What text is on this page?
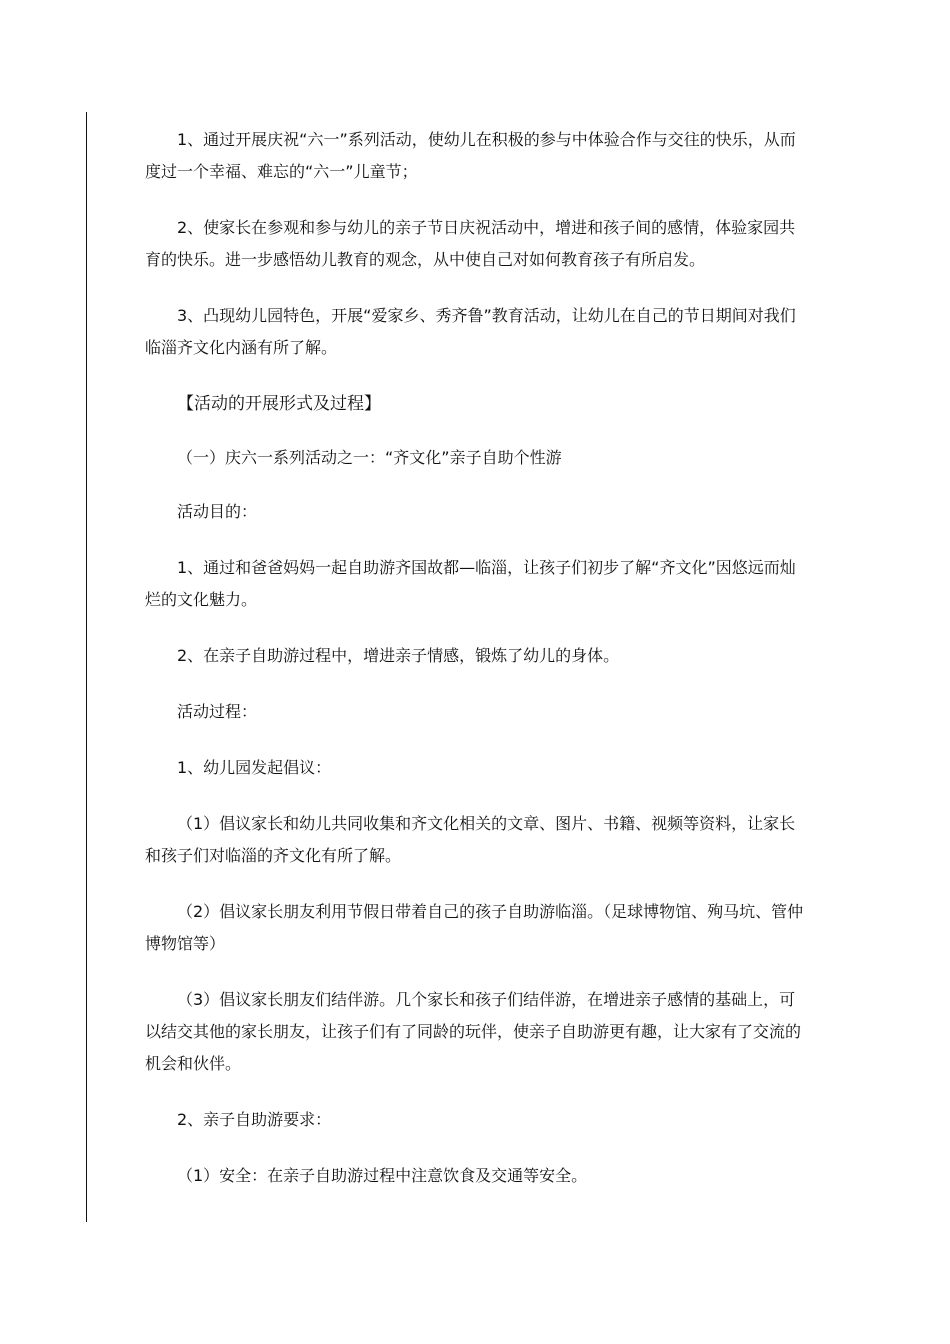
1、通过开展庆祝“六一”系列活动，使幼儿在积极的参与中体验合作与交往的快乐，从而度过一个幸福、难忘的“六一”儿童节；

2、使家长在参观和参与幼儿的亲子节日庆祝活动中，增进和孩子间的感情，体验家园共育的快乐。进一步感悟幼儿教育的观念，从中使自己对如何教育孩子有所启发。

3、凸现幼儿园特色，开展“爱家乡、秀齐鲁”教育活动，让幼儿在自己的节日期间对我们临淄齐文化内涵有所了解。

【活动的开展形式及过程】

（一）庆六一系列活动之一：“齐文化”亲子自助个性游

活动目的：

1、通过和爸爸妈妈一起自助游齐国故都—临淄，让孩子们初步了解“齐文化”因悠远而灿烂的文化魅力。

2、在亲子自助游过程中，增进亲子情感，锻炼了幼儿的身体。

活动过程：

1、幼儿园发起倡议：

（1）倡议家长和幼儿共同收集和齐文化相关的文章、图片、书籍、视频等资料，让家长和孩子们对临淄的齐文化有所了解。

（2）倡议家长朋友利用节假日带着自己的孩子自助游临淄。（足球博物馆、殉马坑、管仲博物馆等）

（3）倡议家长朋友们结伴游。几个家长和孩子们结伴游，在增进亲子感情的基础上，可以结交其他的家长朋友，让孩子们有了同龄的玩伴，使亲子自助游更有趣，让大家有了交流的机会和伙伴。

2、亲子自助游要求：

（1）安全：在亲子自助游过程中注意饮食及交通等安全。
